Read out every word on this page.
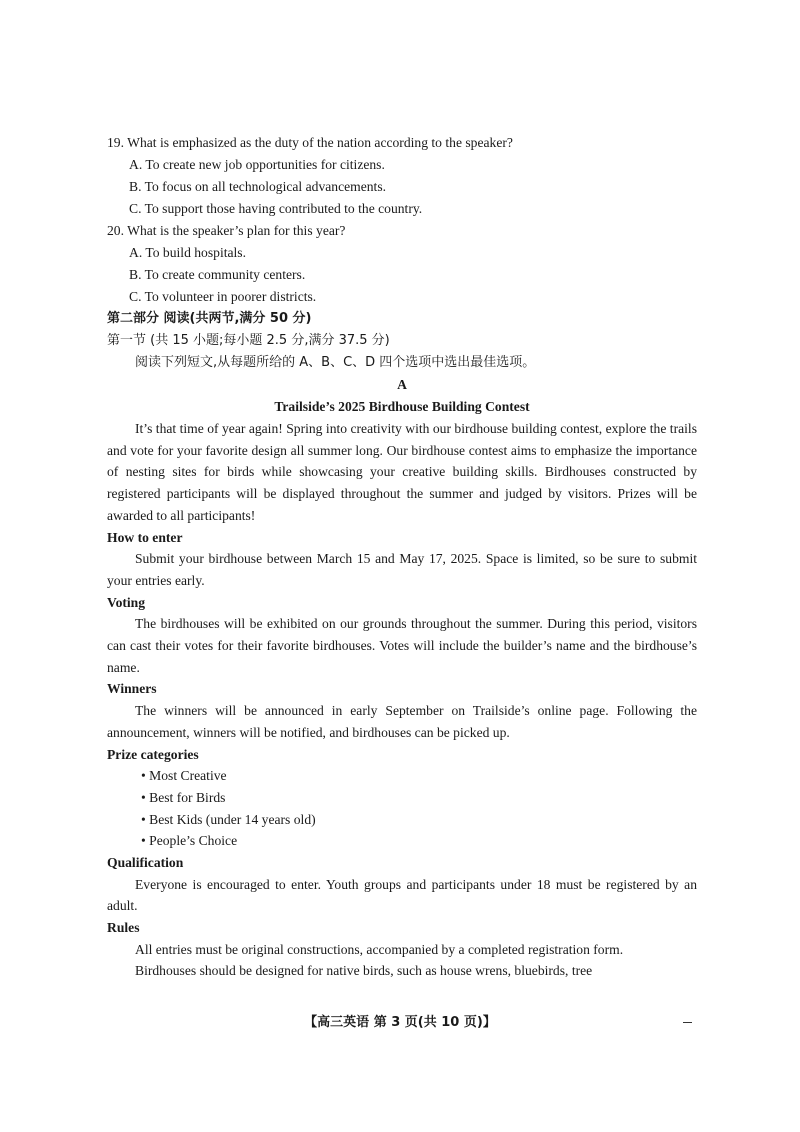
19. What is emphasized as the duty of the nation according to the speaker?
A. To create new job opportunities for citizens.
B. To focus on all technological advancements.
C. To support those having contributed to the country.
20. What is the speaker’s plan for this year?
A. To build hospitals.
B. To create community centers.
C. To volunteer in poorer districts.
第二部分 阅读(共两节,满分 50 分)
第一节 (共 15 小题;每小题 2.5 分,满分 37.5 分)
阅读下列短文,从每题所给的 A、B、C、D 四个选项中选出最佳选项。
A
Trailside’s 2025 Birdhouse Building Contest

It’s that time of year again! Spring into creativity with our birdhouse building contest, explore the trails and vote for your favorite design all summer long. Our birdhouse contest aims to emphasize the importance of nesting sites for birds while showcasing your creative building skills. Birdhouses constructed by registered participants will be displayed throughout the summer and judged by visitors. Prizes will be awarded to all participants!

How to enter

Submit your birdhouse between March 15 and May 17, 2025. Space is limited, so be sure to submit your entries early.

Voting

The birdhouses will be exhibited on our grounds throughout the summer. During this period, visitors can cast their votes for their favorite birdhouses. Votes will include the builder’s name and the birdhouse’s name.

Winners

The winners will be announced in early September on Trailside’s online page. Following the announcement, winners will be notified, and birdhouses can be picked up.

Prize categories

• Most Creative

• Best for Birds

• Best Kids (under 14 years old)

• People’s Choice

Qualification

Everyone is encouraged to enter. Youth groups and participants under 18 must be registered by an adult.

Rules

All entries must be original constructions, accompanied by a completed registration form.

Birdhouses should be designed for native birds, such as house wrens, bluebirds, tree

【高三英语 第 3 页(共 10 页)】
